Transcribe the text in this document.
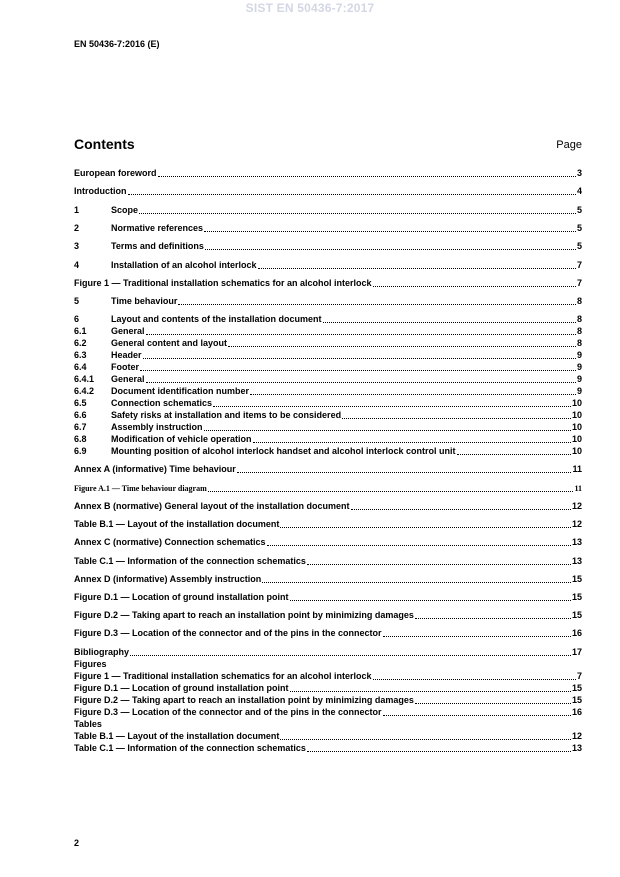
SIST EN 50436-7:2017
EN 50436-7:2016 (E)
Contents	Page
European foreword	3
Introduction	4
1	Scope	5
2	Normative references	5
3	Terms and definitions	5
4	Installation of an alcohol interlock	7
Figure 1 — Traditional installation schematics for an alcohol interlock	7
5	Time behaviour	8
6	Layout and contents of the installation document	8
6.1	General	8
6.2	General content and layout	8
6.3	Header	9
6.4	Footer	9
6.4.1	General	9
6.4.2	Document identification number	9
6.5	Connection schematics	10
6.6	Safety risks at installation and items to be considered	10
6.7	Assembly instruction	10
6.8	Modification of vehicle operation	10
6.9	Mounting position of alcohol interlock handset and alcohol interlock control unit	10
Annex A (informative) Time behaviour	11
Figure A.1 — Time behaviour diagram	11
Annex B (normative) General layout of the installation document	12
Table B.1 — Layout of the installation document	12
Annex C (normative) Connection schematics	13
Table C.1 — Information of the connection schematics	13
Annex D (informative) Assembly instruction	15
Figure D.1 — Location of ground installation point	15
Figure D.2 — Taking apart to reach an installation point by minimizing damages	15
Figure D.3 — Location of the connector and of the pins in the connector	16
Bibliography	17
Figures
Figure 1 — Traditional installation schematics for an alcohol interlock	7
Figure D.1 — Location of ground installation point	15
Figure D.2 — Taking apart to reach an installation point by minimizing damages	15
Figure D.3 — Location of the connector and of the pins in the connector	16
Tables
Table B.1 — Layout of the installation document	12
Table C.1 — Information of the connection schematics	13
2
